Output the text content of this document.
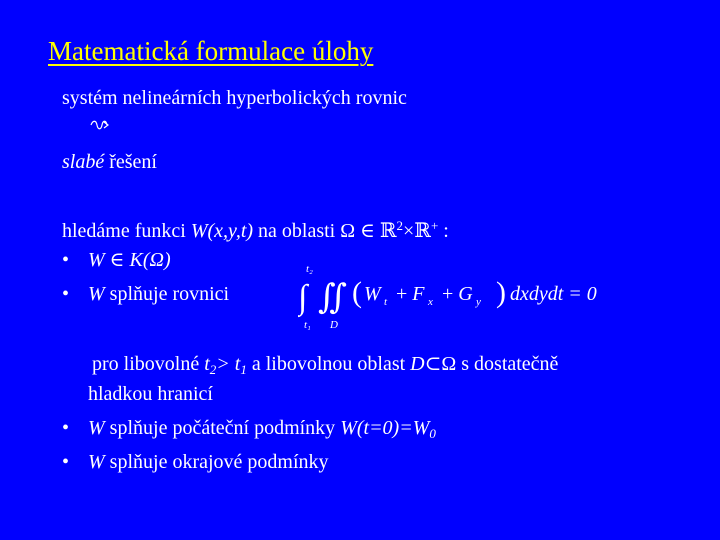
Matematická formulace úlohy
systém nelineárních hyperbolických rovnic
slabé řešení
hledáme funkci W(x,y,t) na oblasti Ω ∈ ℝ$^2$×ℝ+ :
• W ∈ K(Ω)
• W splňuje rovnici
t₂
∫
t₁
∬
D
( W t + F x + G y ) dxdydt = 0
pro libovolné $t_2> t_1$ a libovolnou oblast D⊂Ω s dostatečně
hladkou hranicí
• W splňuje počáteční podmínky $W(t=0)=W_0$
• W splňuje okrajové podmínky
